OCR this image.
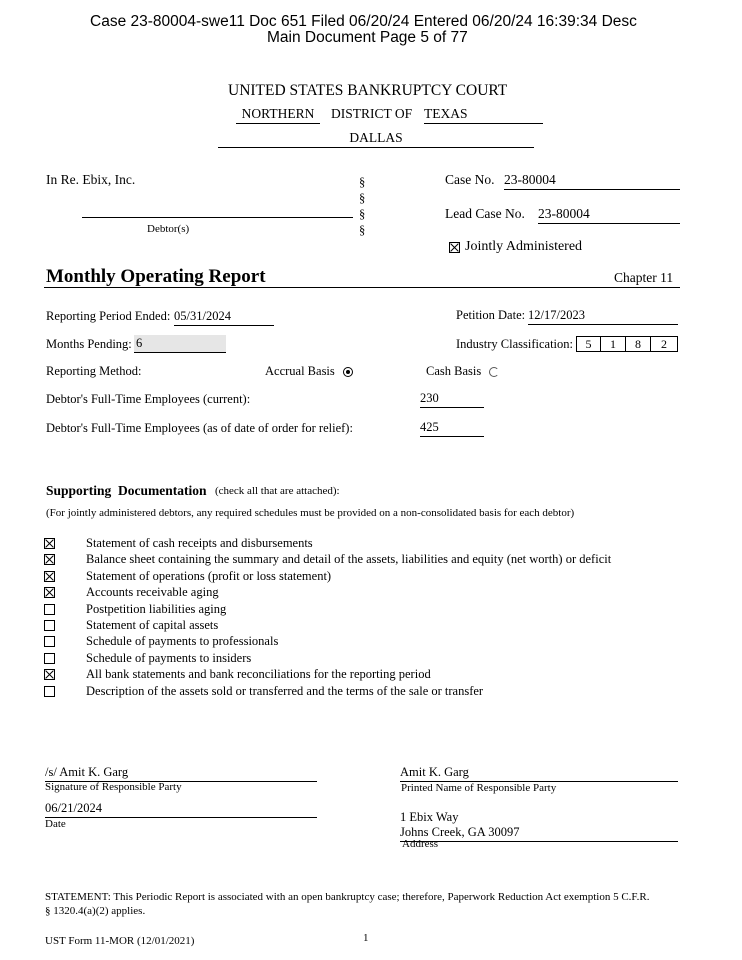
Case 23-80004-swe11 Doc 651 Filed 06/20/24 Entered 06/20/24 16:39:34 Desc
Main Document Page 5 of 77
UNITED STATES BANKRUPTCY COURT
NORTHERN	DISTRICT OF TEXAS
DALLAS
In Re. Ebix, Inc.
Debtor(s)
§
§
§
§
Case No. 23-80004
Lead Case No. 23-80004
Jointly Administered
Monthly Operating Report	Chapter 11
Reporting Period Ended: 05/31/2024	Petition Date: 12/17/2023
Months Pending: 6	Industry Classification:	5	1	8	2
Reporting Method:	Accrual Basis	Cash Basis
Debtor's Full-Time Employees (current):	230
Debtor's Full-Time Employees (as of date of order for relief):	425
Supporting  Documentation (check all that are attached):
(For jointly administered debtors, any required schedules must be provided on a non-consolidated basis for each debtor)
Statement of cash receipts and disbursements
Balance sheet containing the summary and detail of the assets, liabilities and equity (net worth) or deficit
Statement of operations (profit or loss statement)
Accounts receivable aging
Postpetition liabilities aging
Statement of capital assets
Schedule of payments to professionals
Schedule of payments to insiders
All bank statements and bank reconciliations for the reporting period
Description of the assets sold or transferred and the terms of the sale or transfer
/s/ Amit K. Garg
Signature of Responsible Party
Amit K. Garg
Printed Name of Responsible Party
06/21/2024
Date	1 Ebix Way
Johns Creek, GA 30097
Address
STATEMENT: This Periodic Report is associated with an open bankruptcy case; therefore, Paperwork Reduction Act exemption 5 C.F.R.
§ 1320.4(a)(2) applies.
UST Form 11-MOR (12/01/2021)	1
